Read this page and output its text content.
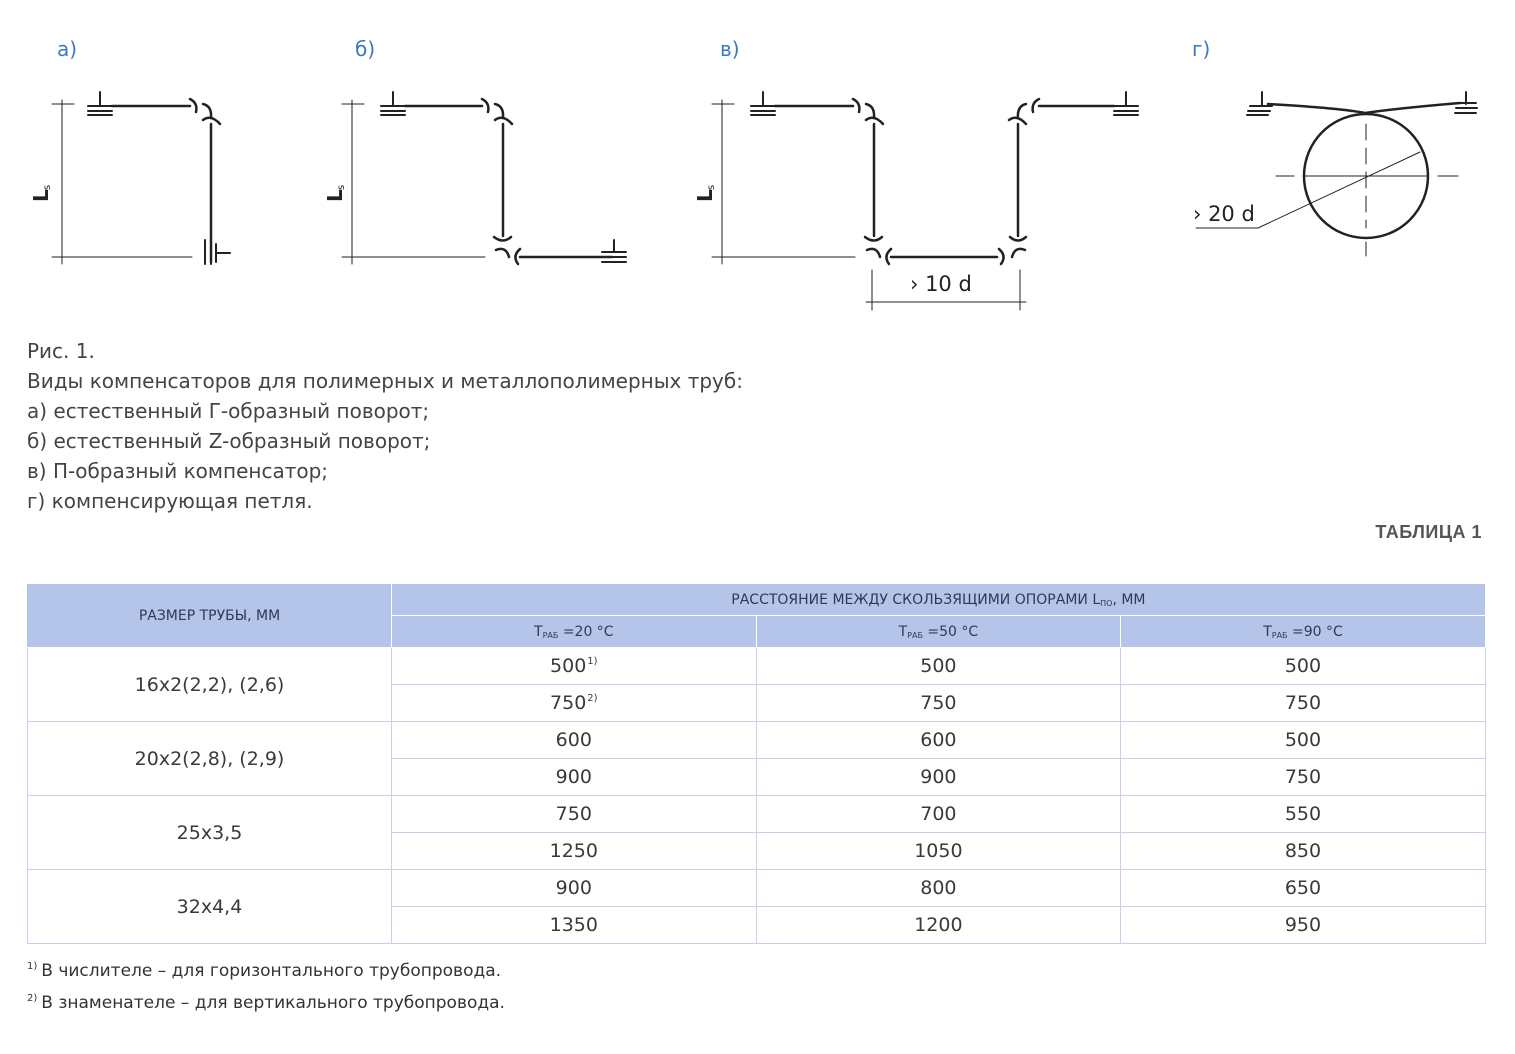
а)	б)	в)	г)
L
s
L
s
L
s
› 10 d
› 20 d
Рис. 1.
Виды компенсаторов для полимерных и металлополимерных труб:
а) естественный Г-образный поворот;
б) естественный Z-образный поворот;
в) П-образный компенсатор;
г) компенсирующая петля.
ТАБЛИЦА 1
РАЗМЕР ТРУБЫ, ММ	РАССТОЯНИЕ МЕЖДУ СКОЛЬЗЯЩИМИ ОПОРАМИ $L_{ПО}$, ММ		
	$Т_{РАБ} =20$ °С	$Т_{РАБ} =50$ °С	$Т_{РАБ} =90$ °С
16х2(2,2), (2,6)	500$^{1)}$	500	500
	750$^{2)}$	750	750
20х2(2,8), (2,9)	600	600	500
	900	900	750
25х3,5	750	700	550
	1250	1050	850
32х4,4	900	800	650
	1350	1200	950
$^{1)}$ В числителе – для горизонтального трубопровода.
$^{2)}$ В знаменателе – для вертикального трубопровода.
